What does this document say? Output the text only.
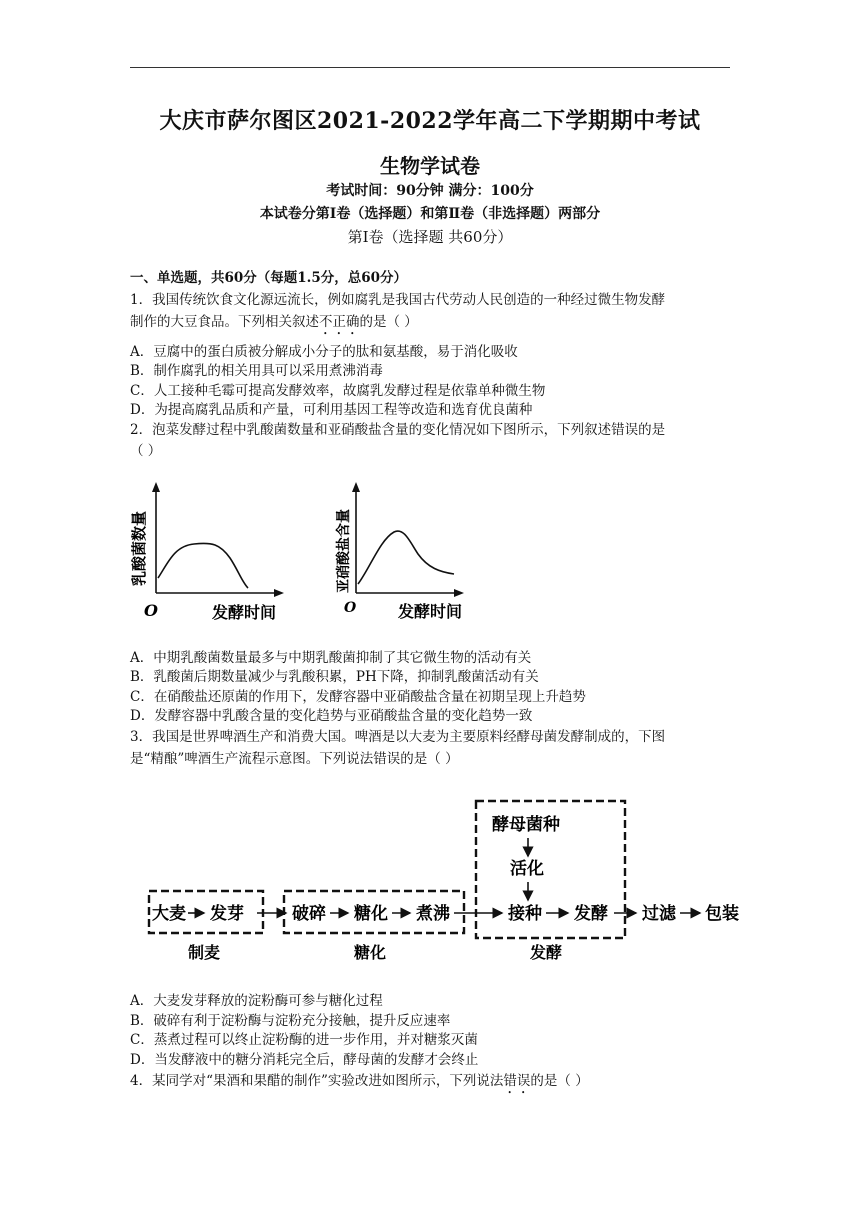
大庆市萨尔图区2021-2022学年高二下学期期中考试
生物学试卷
考试时间：90分钟 满分：100分
本试卷分第Ⅰ卷（选择题）和第Ⅱ卷（非选择题）两部分
第Ⅰ卷（选择题 共60分）
一、单选题，共60分（每题1.5分，总60分）
1．我国传统饮食文化源远流长，例如腐乳是我国古代劳动人民创造的一种经过微生物发酵
制作的大豆食品。下列相关叙述不正确的是（ ）
A．豆腐中的蛋白质被分解成小分子的肽和氨基酸，易于消化吸收
B．制作腐乳的相关用具可以采用煮沸消毒
C．人工接种毛霉可提高发酵效率，故腐乳发酵过程是依靠单种微生物
D．为提高腐乳品质和产量，可利用基因工程等改造和选育优良菌种
2．泡菜发酵过程中乳酸菌数量和亚硝酸盐含量的变化情况如下图所示，下列叙述错误的是
（ ）
O	发酵时间
乳酸菌数量
O	发酵时间
亚硝酸盐含量
A．中期乳酸菌数量最多与中期乳酸菌抑制了其它微生物的活动有关
B．乳酸菌后期数量减少与乳酸积累，PH下降，抑制乳酸菌活动有关
C．在硝酸盐还原菌的作用下，发酵容器中亚硝酸盐含量在初期呈现上升趋势
D．发酵容器中乳酸含量的变化趋势与亚硝酸盐含量的变化趋势一致
3．我国是世界啤酒生产和消费大国。啤酒是以大麦为主要原料经酵母菌发酵制成的，下图
是“精酿”啤酒生产流程示意图。下列说法错误的是（ ）
酵母菌种
活化
大麦 发芽	破碎 糖化 煮沸	接种 发酵 过滤 包装
制麦	糖化	发酵
A．大麦发芽释放的淀粉酶可参与糖化过程
B．破碎有利于淀粉酶与淀粉充分接触，提升反应速率
C．蒸煮过程可以终止淀粉酶的进一步作用，并对糖浆灭菌
D．当发酵液中的糖分消耗完全后，酵母菌的发酵才会终止
4．某同学对“果酒和果醋的制作”实验改进如图所示，下列说法错误的是（ ）
